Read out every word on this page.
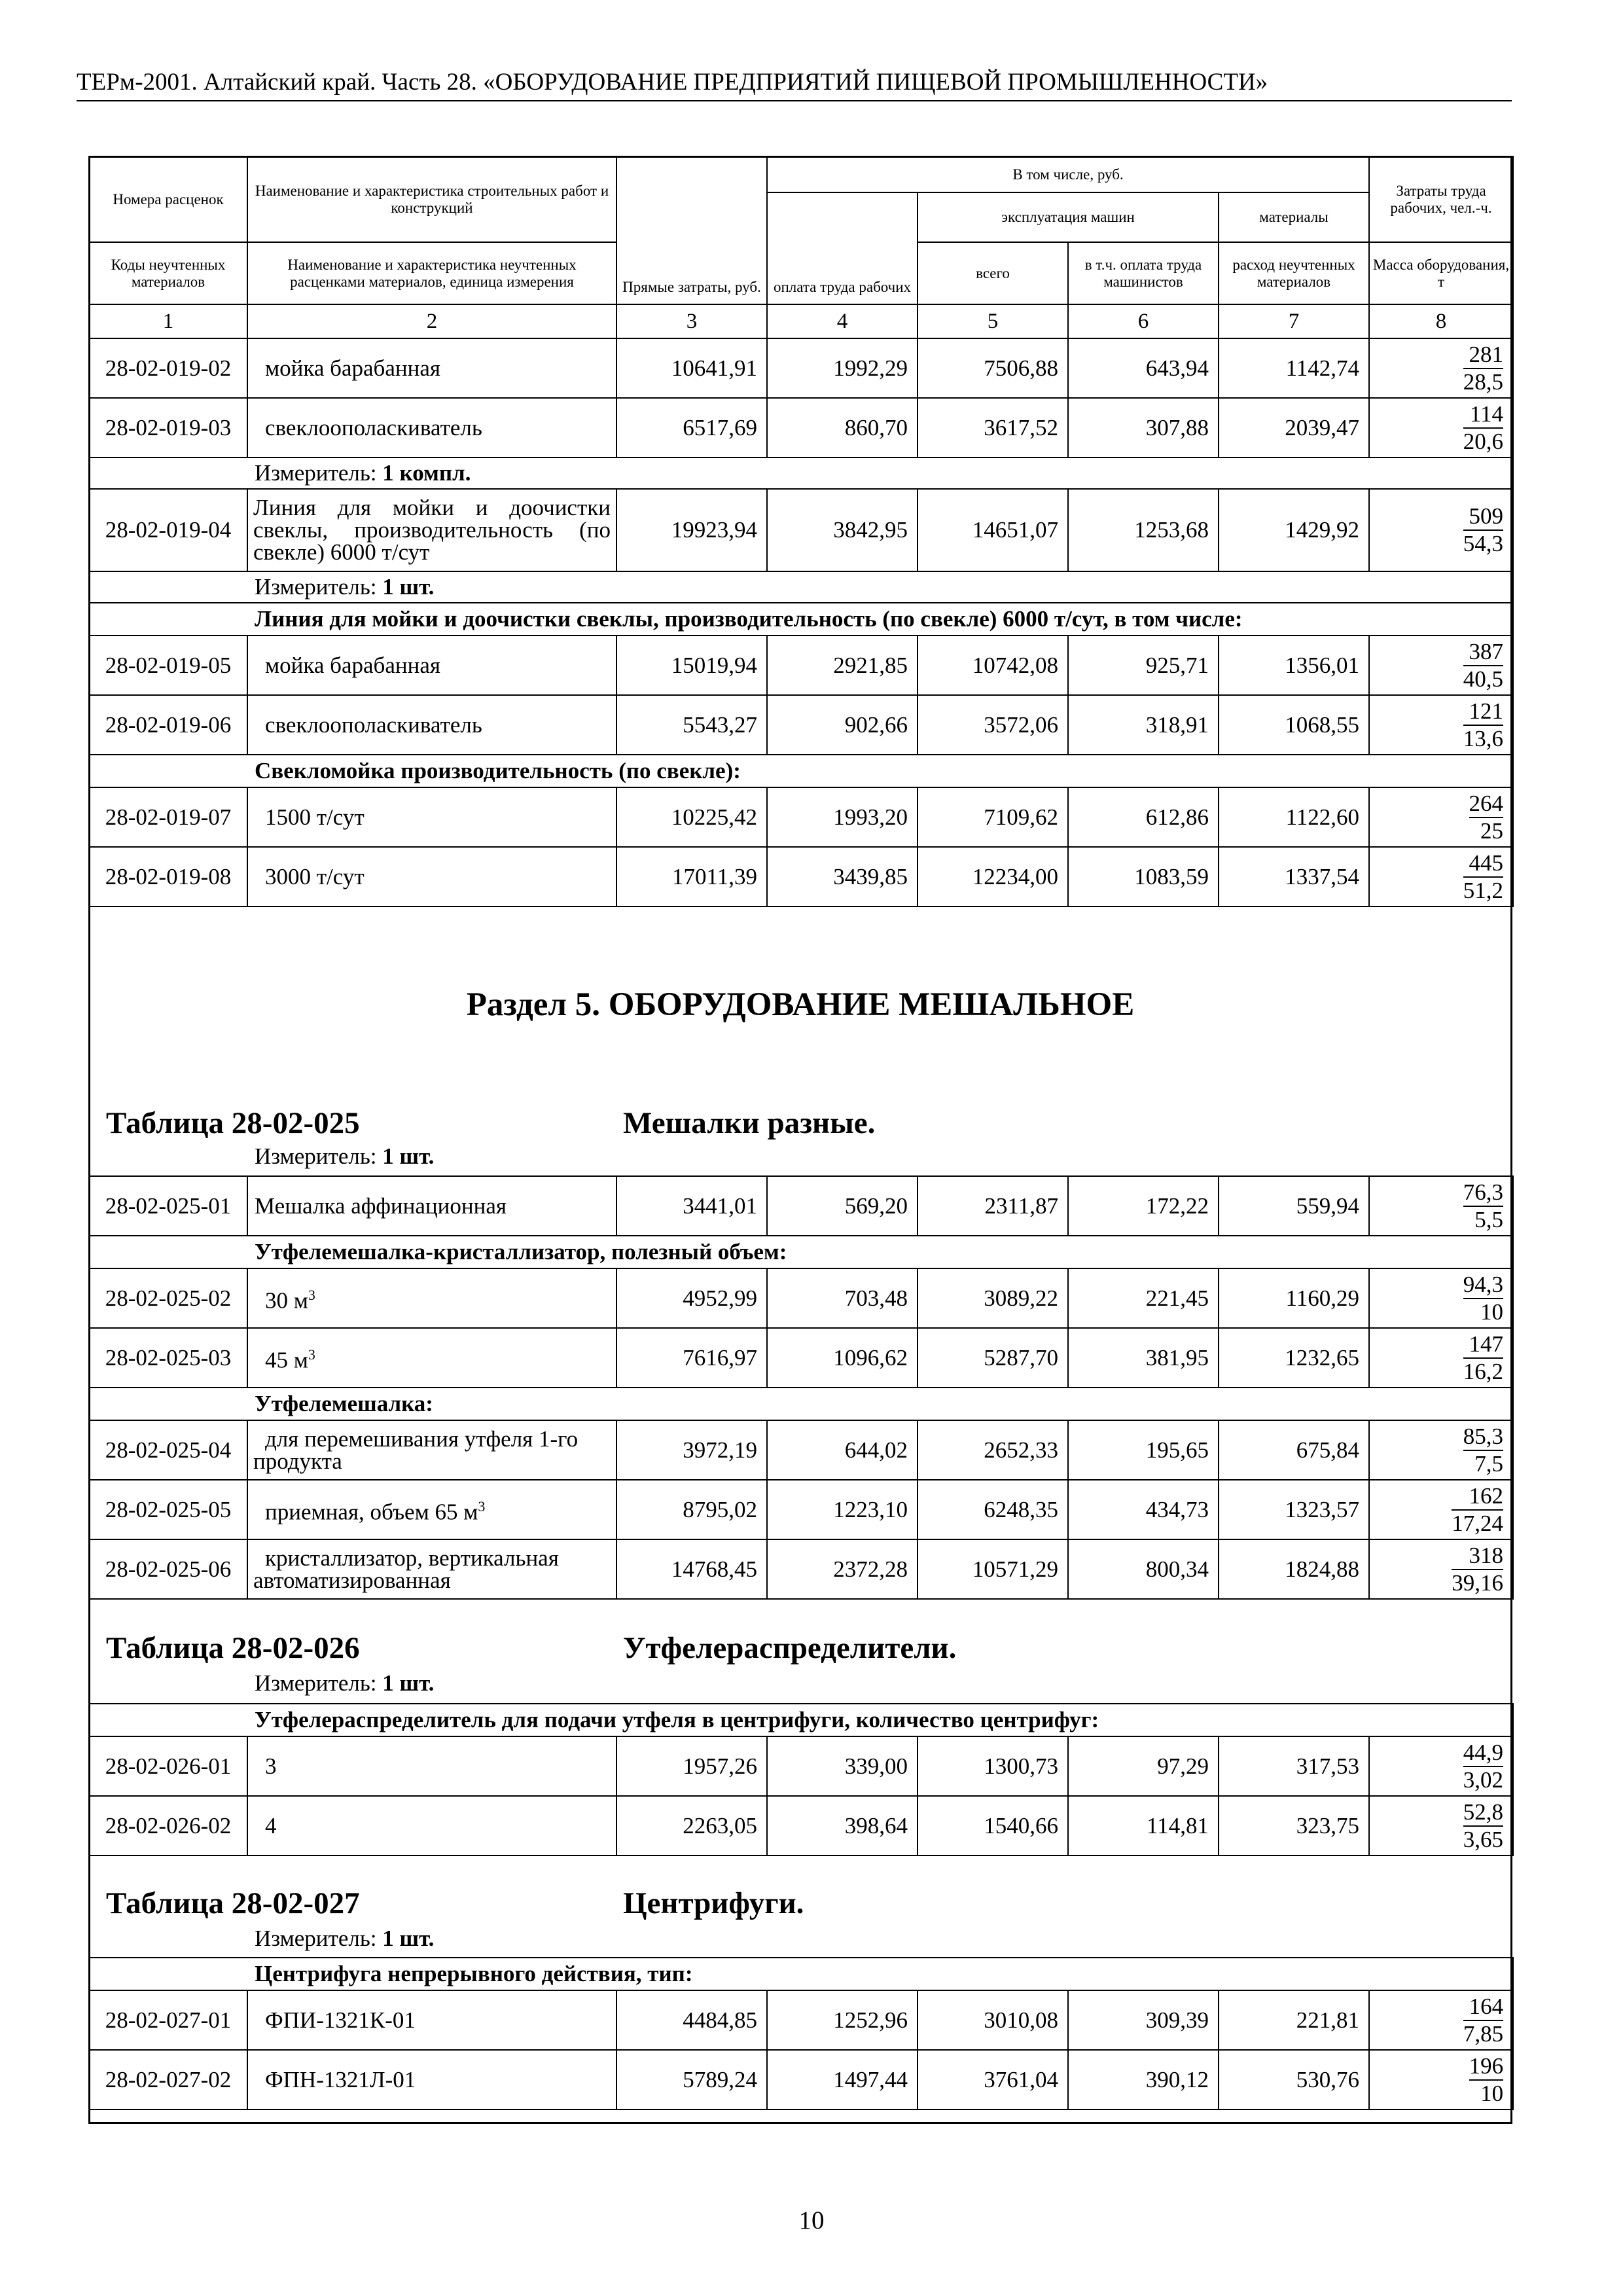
ТЕРм-2001. Алтайский край. Часть 28. «ОБОРУДОВАНИЕ ПРЕДПРИЯТИЙ ПИЩЕВОЙ ПРОМЫШЛЕННОСТИ»
Номера расценок	Наименование и характеристика строительных работ и конструкций	Прямые затраты, руб.	В том числе, руб.				Затраты труда рабочих, чел.-ч.
			оплата труда рабочих	эксплуатация машин		материалы	
Коды неучтенных материалов	Наименование и характеристика неучтенных расценками материалов, единица измерения			всего	в т.ч. оплата труда машинистов	расход неучтенных материалов	Масса оборудования, т
1	2	3	4	5	6	7	8
28-02-019-02	мойка барабанная	10641,91	1992,29	7506,88	643,94	1142,74	$\frac{281}{28,5}$

28-02-019-03	свеклоополаскиватель	6517,69	860,70	3617,52	307,88	2039,47	$\frac{114}{20,6}$

Измеритель: 1 компл.							
28-02-019-04	Линия для мойки и доочистки свеклы, производительность (по свекле) 6000 т/сут	19923,94	3842,95	14651,07	1253,68	1429,92	$\frac{509}{54,3}$

Измеритель: 1 шт.							
Линия для мойки и доочистки свеклы, производительность (по свекле) 6000 т/сут, в том числе:							
28-02-019-05	мойка барабанная	15019,94	2921,85	10742,08	925,71	1356,01	$\frac{387}{40,5}$

28-02-019-06	свеклоополаскиватель	5543,27	902,66	3572,06	318,91	1068,55	$\frac{121}{13,6}$

Свекломойка производительность (по свекле):							
28-02-019-07	1500 т/сут	10225,42	1993,20	7109,62	612,86	1122,60	$\frac{264}{25}$

28-02-019-08	3000 т/сут	17011,39	3439,85	12234,00	1083,59	1337,54	$\frac{445}{51,2}$
Раздел 5. ОБОРУДОВАНИЕ МЕШАЛЬНОЕ
Таблица 28-02-025	Мешалки разные.
Измеритель: 1 шт.
28-02-025-01	Мешалка аффинационная	3441,01	569,20	2311,87	172,22	559,94	$\frac{76,3}{5,5}$

Утфелемешалка-кристаллизатор, полезный объем:							
28-02-025-02	30 $м^3$	4952,99	703,48	3089,22	221,45	1160,29	$\frac{94,3}{10}$

28-02-025-03	45 $м^3$	7616,97	1096,62	5287,70	381,95	1232,65	$\frac{147}{16,2}$

Утфелемешалка:							
28-02-025-04	для перемешивания утфеля 1-го
продукта	3972,19	644,02	2652,33	195,65	675,84	$\frac{85,3}{7,5}$

28-02-025-05	приемная, объем 65 $м^3$	8795,02	1223,10	6248,35	434,73	1323,57	$\frac{162}{17,24}$

28-02-025-06	кристаллизатор, вертикальная
автоматизированная	14768,45	2372,28	10571,29	800,34	1824,88	$\frac{318}{39,16}$
Таблица 28-02-026	Утфелераспределители.
Измеритель: 1 шт.
Утфелераспределитель для подачи утфеля в центрифуги, количество центрифуг:							
28-02-026-01	3	1957,26	339,00	1300,73	97,29	317,53	$\frac{44,9}{3,02}$

28-02-026-02	4	2263,05	398,64	1540,66	114,81	323,75	$\frac{52,8}{3,65}$
Таблица 28-02-027	Центрифуги.
Измеритель: 1 шт.
Центрифуга непрерывного действия, тип:							
28-02-027-01	ФПИ-1321К-01	4484,85	1252,96	3010,08	309,39	221,81	$\frac{164}{7,85}$

28-02-027-02	ФПН-1321Л-01	5789,24	1497,44	3761,04	390,12	530,76	$\frac{196}{10}$
10
